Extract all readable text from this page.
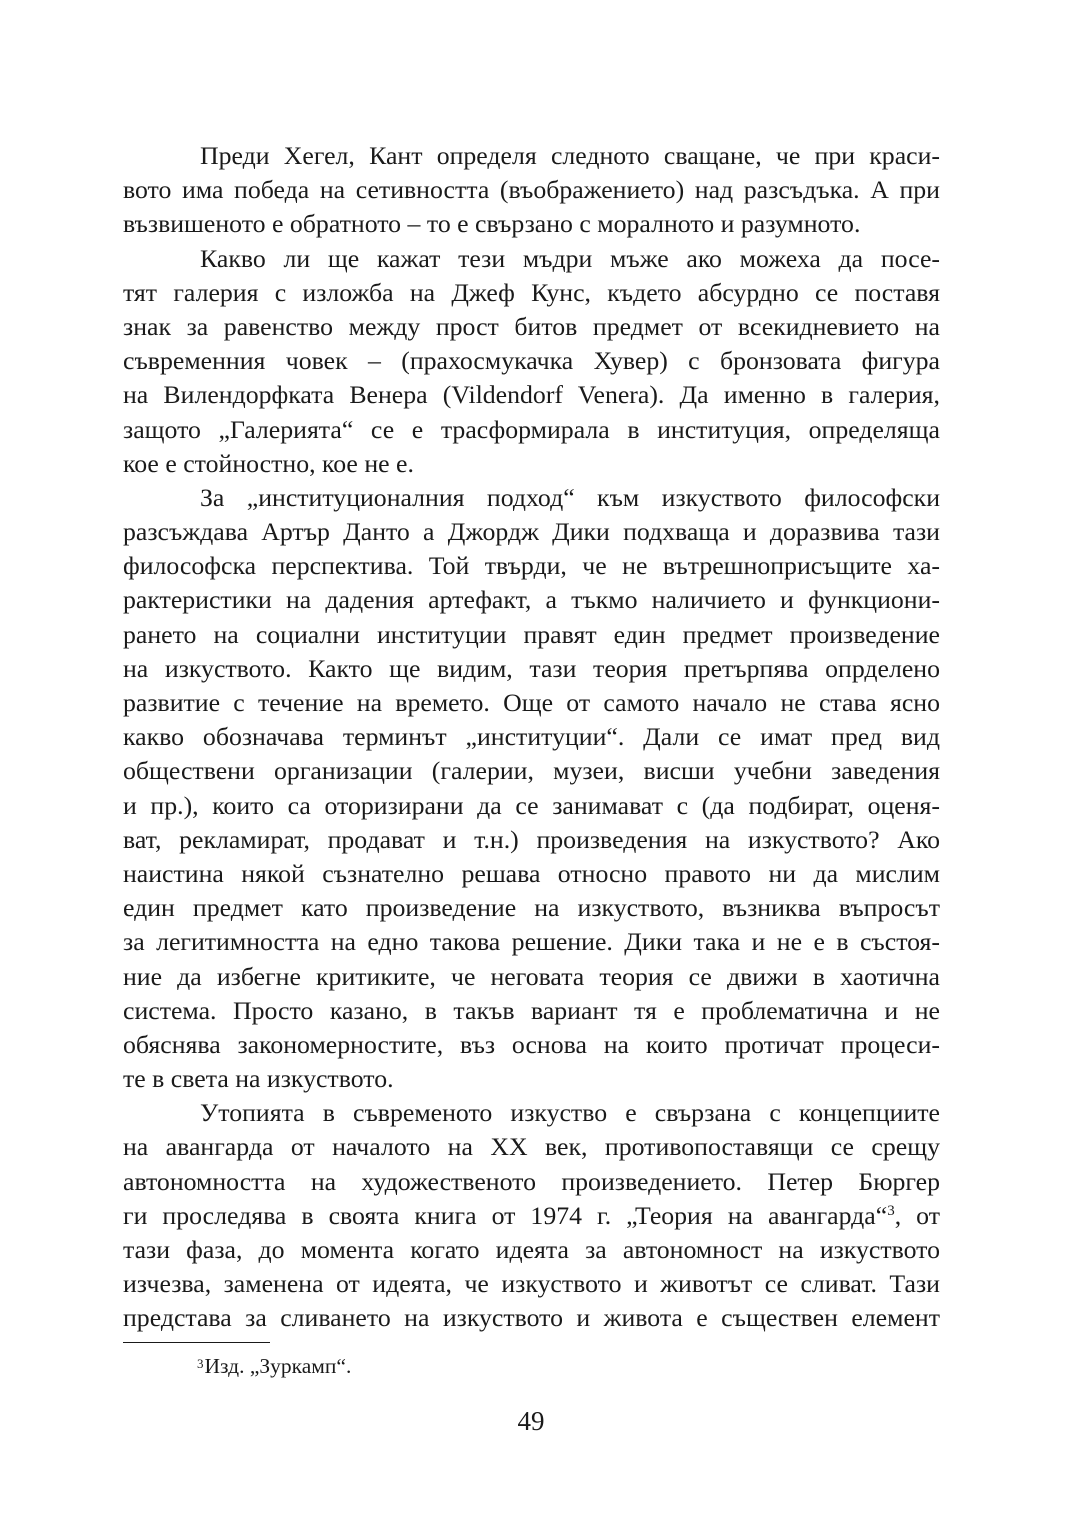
Преди Хегел, Кант определя следното сващане, че при краси-
вото има победа на сетивността (въображението) над разсъдъка. А при
възвишеното е обратното – то е свързано с моралното и разумното.
Какво ли ще кажат тези мъдри мъже ако можеха да посе-
тят галерия с изложба на Джеф Кунс, където абсурдно се поставя
знак за равенство между прост битов предмет от всекидневието на
съвременния човек – (прахосмукачка Хувер) с бронзовата фигура
на Вилендорфката Венера (Vildendorf Venera). Да именно в галерия,
защото „Галерията“ се е трасформирала в институция, определяща
кое е стойностно, кое не е.
За „институционалния подход“ към изкуството философски
разсъждава Артър Данто а Джордж Дики подхваща и доразвива тази
философска перспектива. Той твърди, че не вътрешноприсъщите ха-
рактеристики на дадения артефакт, а тъкмо наличието и функциони-
рането на социални институции правят един предмет произведение
на изкуството. Както ще видим, тази теория претърпява опрделено
развитие с течение на времето. Още от самото начало не става ясно
какво обозначава терминът „институции“. Дали се имат пред вид
обществени организации (галерии, музеи, висши учебни заведения
и пр.), които са оторизирани да се занимават с (да подбират, оценя-
ват, рекламират, продават и т.н.) произведения на изкуството? Ако
наистина някой съзнателно решава относно правото ни да мислим
един предмет като произведение на изкуството, възниква въпросът
за легитимността на едно такова решение. Дики така и не е в състоя-
ние да избегне критиките, че неговата теория се движи в хаотична
система. Просто казано, в такъв вариант тя е проблематична и не
обяснява закономерностите, въз основа на които протичат процеси-
те в света на изкуството.
Утопията в съвременото изкуство е свързана с концепциите
на авангарда от началото на ХХ век, противопоставящи се срещу
автономността на художественото произведението. Петер Бюргер
ги проследява в своята книга от 1974 г. „Теория на авангарда“$^3$, от
тази фаза, до момента когато идеята за автономност на изкуството
изчезва, заменена от идеята, че изкуството и животът се сливат. Тази
представа за сливането на изкуството и живота е съществен елемент
$^3$Изд. „Зуркамп“.
49
